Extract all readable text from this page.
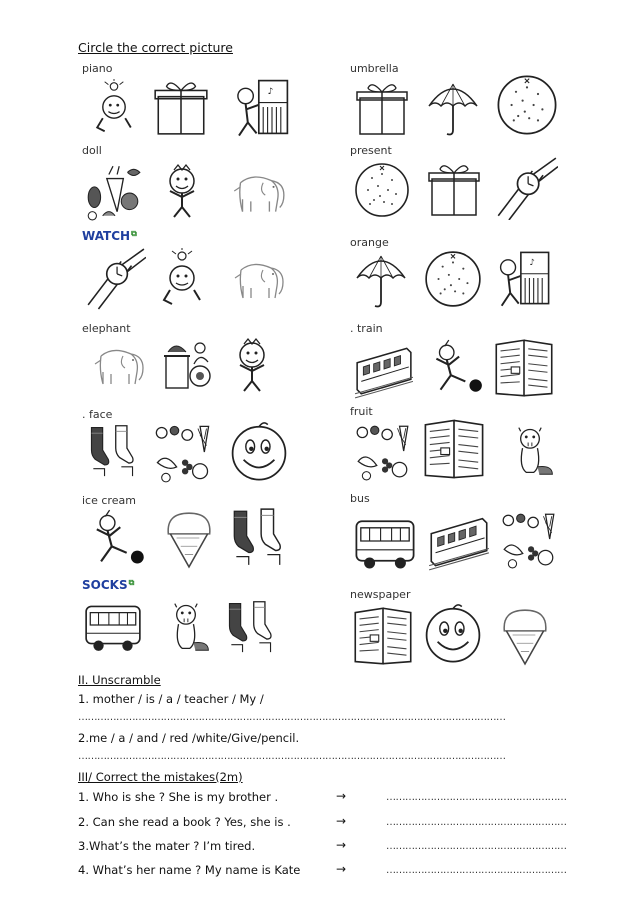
Circle the correct picture
piano
doll
WATCH⧉
elephant
. face
ice cream
SOCKS⧉
umbrella
present
orange
. train
fruit
bus
newspaper
II. Unscramble
1. mother / is / a / teacher / My /
………………………………………………………………………………………………………………………
2.me / a / and / red /white/Give/pencil.
………………………………………………………………………………………………………………………
III/ Correct the mistakes(2m)
1. Who is she ? She is my brother .	→	…………………………………………………
2. Can she read a book ? Yes, she is .	→	…………………………………………………
3.What’s the mater ? I’m tired.	→	…………………………………………………
4. What’s her name ? My name is Kate	→	…………………………………………………
